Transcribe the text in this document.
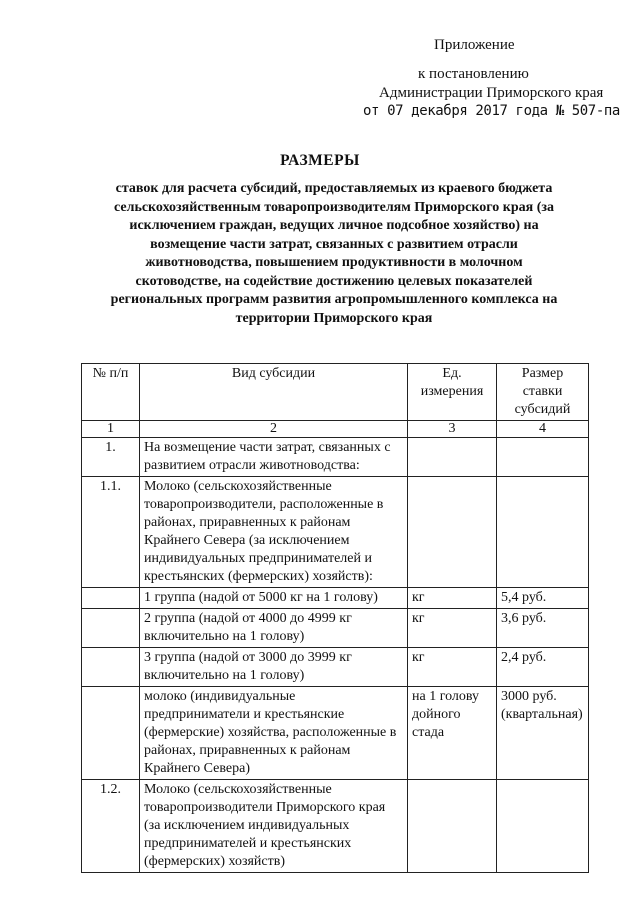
Приложение
к постановлению
Администрации Приморского края
от 07 декабря 2017 года № 507-па
РАЗМЕРЫ
ставок для расчета субсидий, предоставляемых из краевого бюджета сельскохозяйственным товаропроизводителям Приморского края (за исключением граждан, ведущих личное подсобное хозяйство) на возмещение части затрат, связанных с развитием отрасли животноводства, повышением продуктивности в молочном скотоводстве, на содействие достижению целевых показателей региональных программ развития агропромышленного комплекса на территории Приморского края
№ п/п	Вид субсидии	Ед. измерения	Размер ставки субсидий
1	2	3	4
1.	На возмещение части затрат, связанных с развитием отрасли животноводства:		
1.1.	Молоко (сельскохозяйственные товаропроизводители, расположенные в районах, приравненных к районам Крайнего Севера (за исключением индивидуальных предпринимателей и крестьянских (фермерских) хозяйств):		
	1 группа (надой от 5000 кг на 1 голову)	кг	5,4 руб.
	2 группа (надой от 4000 до 4999 кг включительно на 1 голову)	кг	3,6 руб.
	3 группа (надой от 3000 до 3999 кг включительно на 1 голову)	кг	2,4 руб.
	молоко (индивидуальные предприниматели и крестьянские (фермерские) хозяйства, расположенные в районах, приравненных к районам Крайнего Севера)	на 1 голову дойного стада	3000 руб. (квартальная)
1.2.	Молоко (сельскохозяйственные товаропроизводители Приморского края (за исключением индивидуальных предпринимателей и крестьянских (фермерских) хозяйств)		
